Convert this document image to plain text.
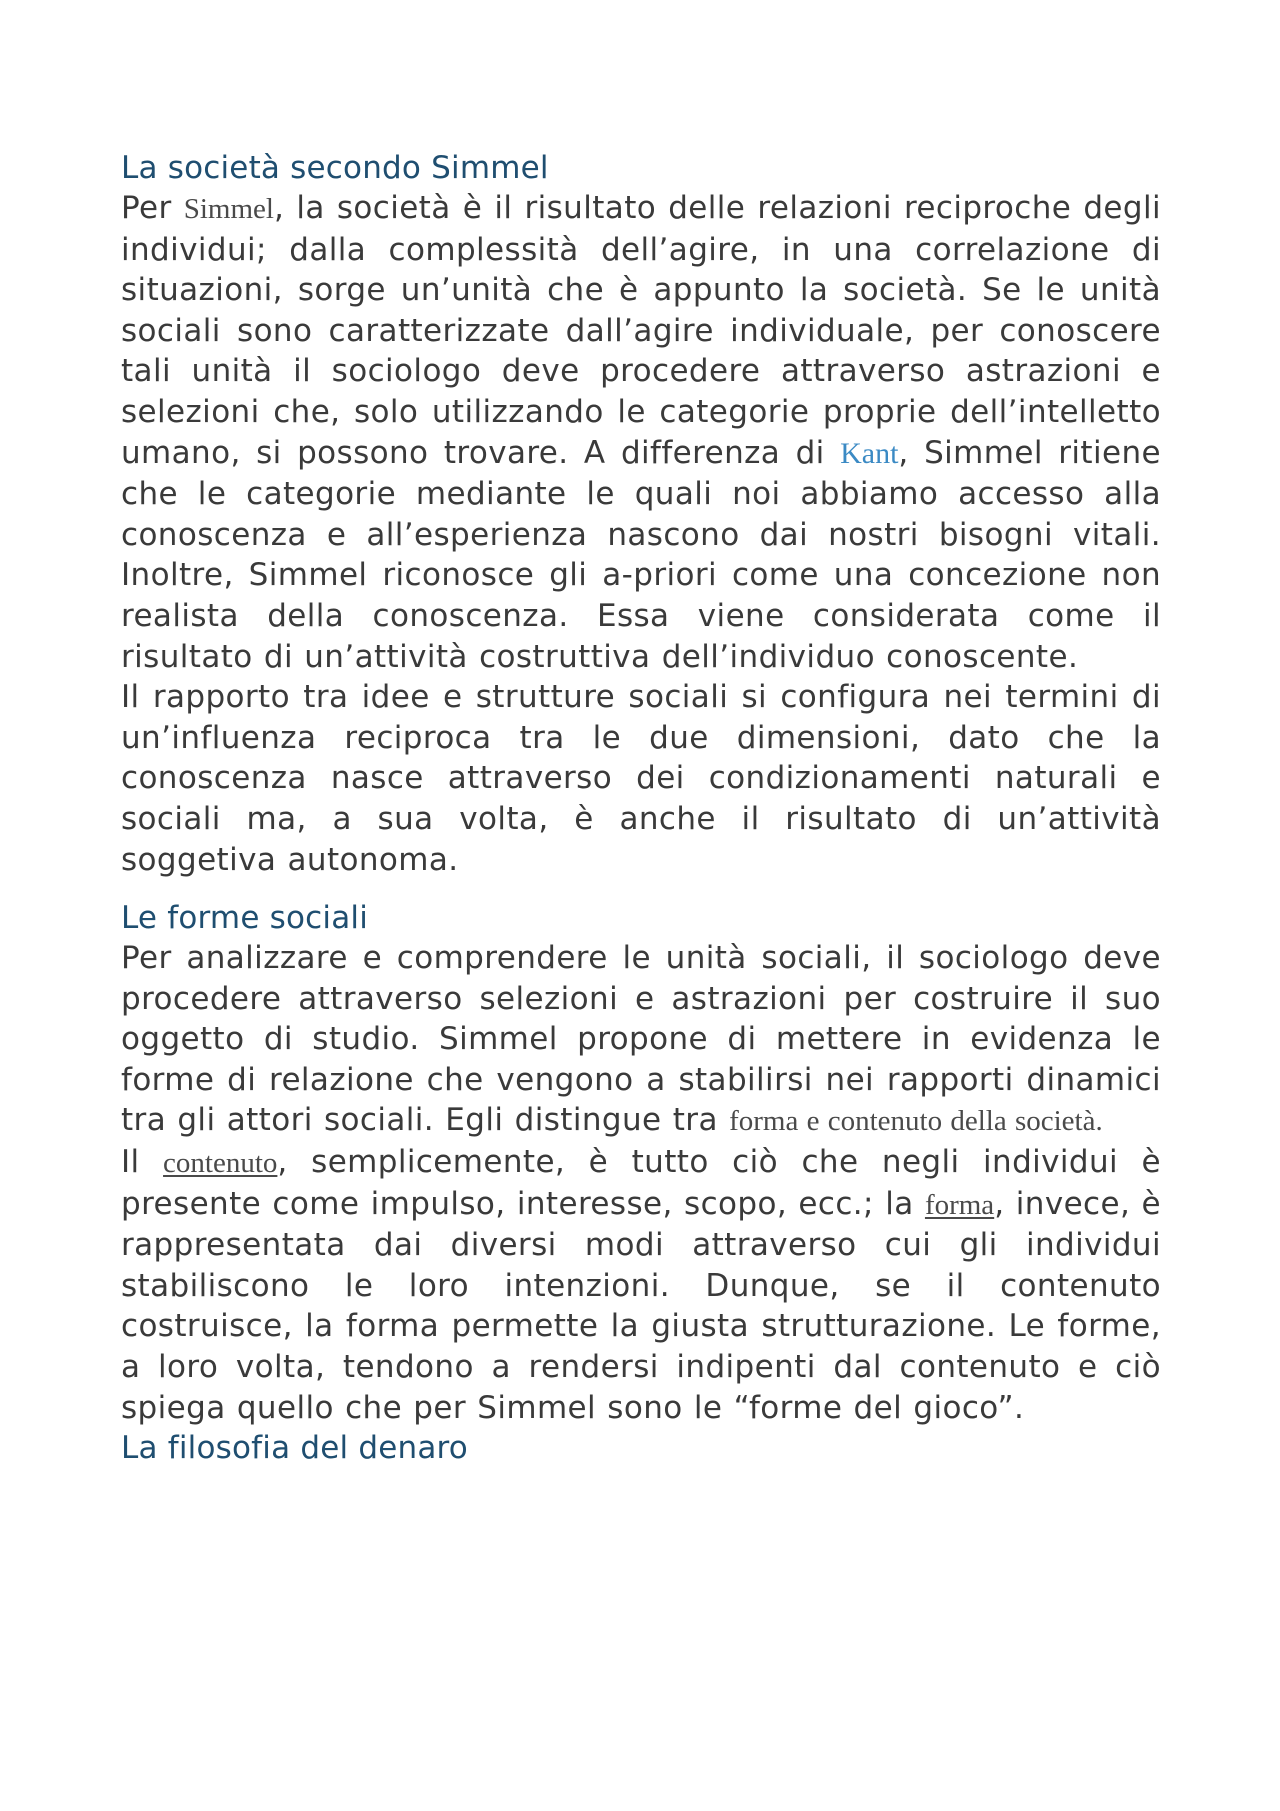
La società secondo Simmel

Per Simmel, la società è il risultato delle relazioni reciproche degli individui; dalla complessità dell’agire, in una correlazione di situazioni, sorge un’unità che è appunto la società. Se le unità sociali sono caratterizzate dall’agire individuale, per conoscere tali unità il sociologo deve procedere attraverso astrazioni e selezioni che, solo utilizzando le categorie proprie dell’intelletto umano, si possono trovare. A differenza di Kant, Simmel ritiene che le categorie mediante le quali noi abbiamo accesso alla conoscenza e all’esperienza nascono dai nostri bisogni vitali. Inoltre, Simmel riconosce gli a-priori come una concezione non realista della conoscenza. Essa viene considerata come il risultato di un’attività costruttiva dell’individuo conoscente.

Il rapporto tra idee e strutture sociali si configura nei termini di un’influenza reciproca tra le due dimensioni, dato che la conoscenza nasce attraverso dei condizionamenti naturali e sociali ma, a sua volta, è anche il risultato di un’attività soggetiva autonoma.

Le forme sociali

Per analizzare e comprendere le unità sociali, il sociologo deve procedere attraverso selezioni e astrazioni per costruire il suo oggetto di studio. Simmel propone di mettere in evidenza le forme di relazione che vengono a stabilirsi nei rapporti dinamici tra gli attori sociali. Egli distingue tra forma e contenuto della società.

Il contenuto, semplicemente, è tutto ciò che negli individui è presente come impulso, interesse, scopo, ecc.; la forma, invece, è rappresentata dai diversi modi attraverso cui gli individui stabiliscono le loro intenzioni. Dunque, se il contenuto costruisce, la forma permette la giusta strutturazione. Le forme, a loro volta, tendono a rendersi indipenti dal contenuto e ciò spiega quello che per Simmel sono le “forme del gioco”.

La filosofia del denaro
